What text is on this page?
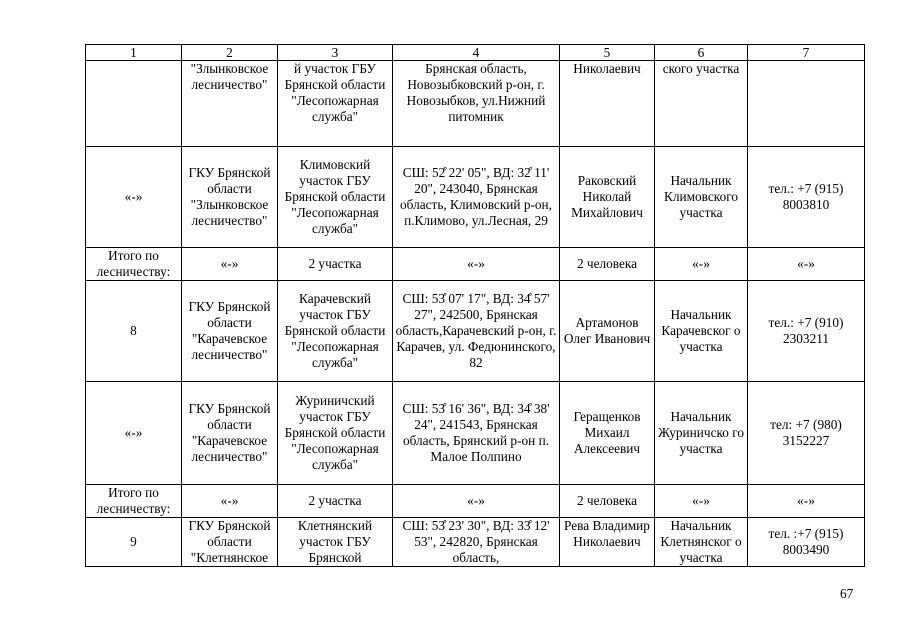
1	2	3	4	5	6	7
	"Злынковское лесничество"	й участок ГБУ Брянской области "Лесопожарная служба"	Брянская область, Новозыбковский р-он, г. Новозыбков, ул.Нижний питомник	Николаевич	ского участка	
«-»	ГКУ Брянской области "Злынковское лесничество"	Климовский участок ГБУ Брянской области "Лесопожарная служба"	СШ: 52̊ 22' 05", ВД: 32̊ 11' 20", 243040, Брянская область, Климовский р-он, п.Климово, ул.Лесная, 29	Раковский Николай Михайлович	Начальник Климовского участка	тел.: +7 (915) 8003810
Итого по лесничеству:	«-»	2 участка	«-»	2 человека	«-»	«-»
8	ГКУ Брянской области "Карачевское лесничество"	Карачевский участок ГБУ Брянской области "Лесопожарная служба"	СШ: 53̊ 07' 17", ВД: 34̊ 57' 27", 242500, Брянская область,Карачевский р-он, г. Карачев, ул. Федюнинского, 82	Артамонов Олег Иванович	Начальник Карачевског о участка	тел.: +7 (910) 2303211
«-»	ГКУ Брянской области "Карачевское лесничество"	Журиничский участок ГБУ Брянской области "Лесопожарная служба"	СШ: 53̊ 16' 36", ВД: 34̊ 38' 24", 241543, Брянская область, Брянский р-он п. Малое Полпино	Геращенков Михаил Алексеевич	Начальник Журиничско го участка	тел: +7 (980) 3152227
Итого по лесничеству:	«-»	2 участка	«-»	2 человека	«-»	«-»
9	ГКУ Брянской области "Клетнянское	Клетнянский участок ГБУ Брянской	СШ: 53̊ 23' 30", ВД: 33̊ 12' 53", 242820, Брянская область,	Рева Владимир Николаевич	Начальник Клетнянског о участка	тел. :+7 (915) 8003490
67
